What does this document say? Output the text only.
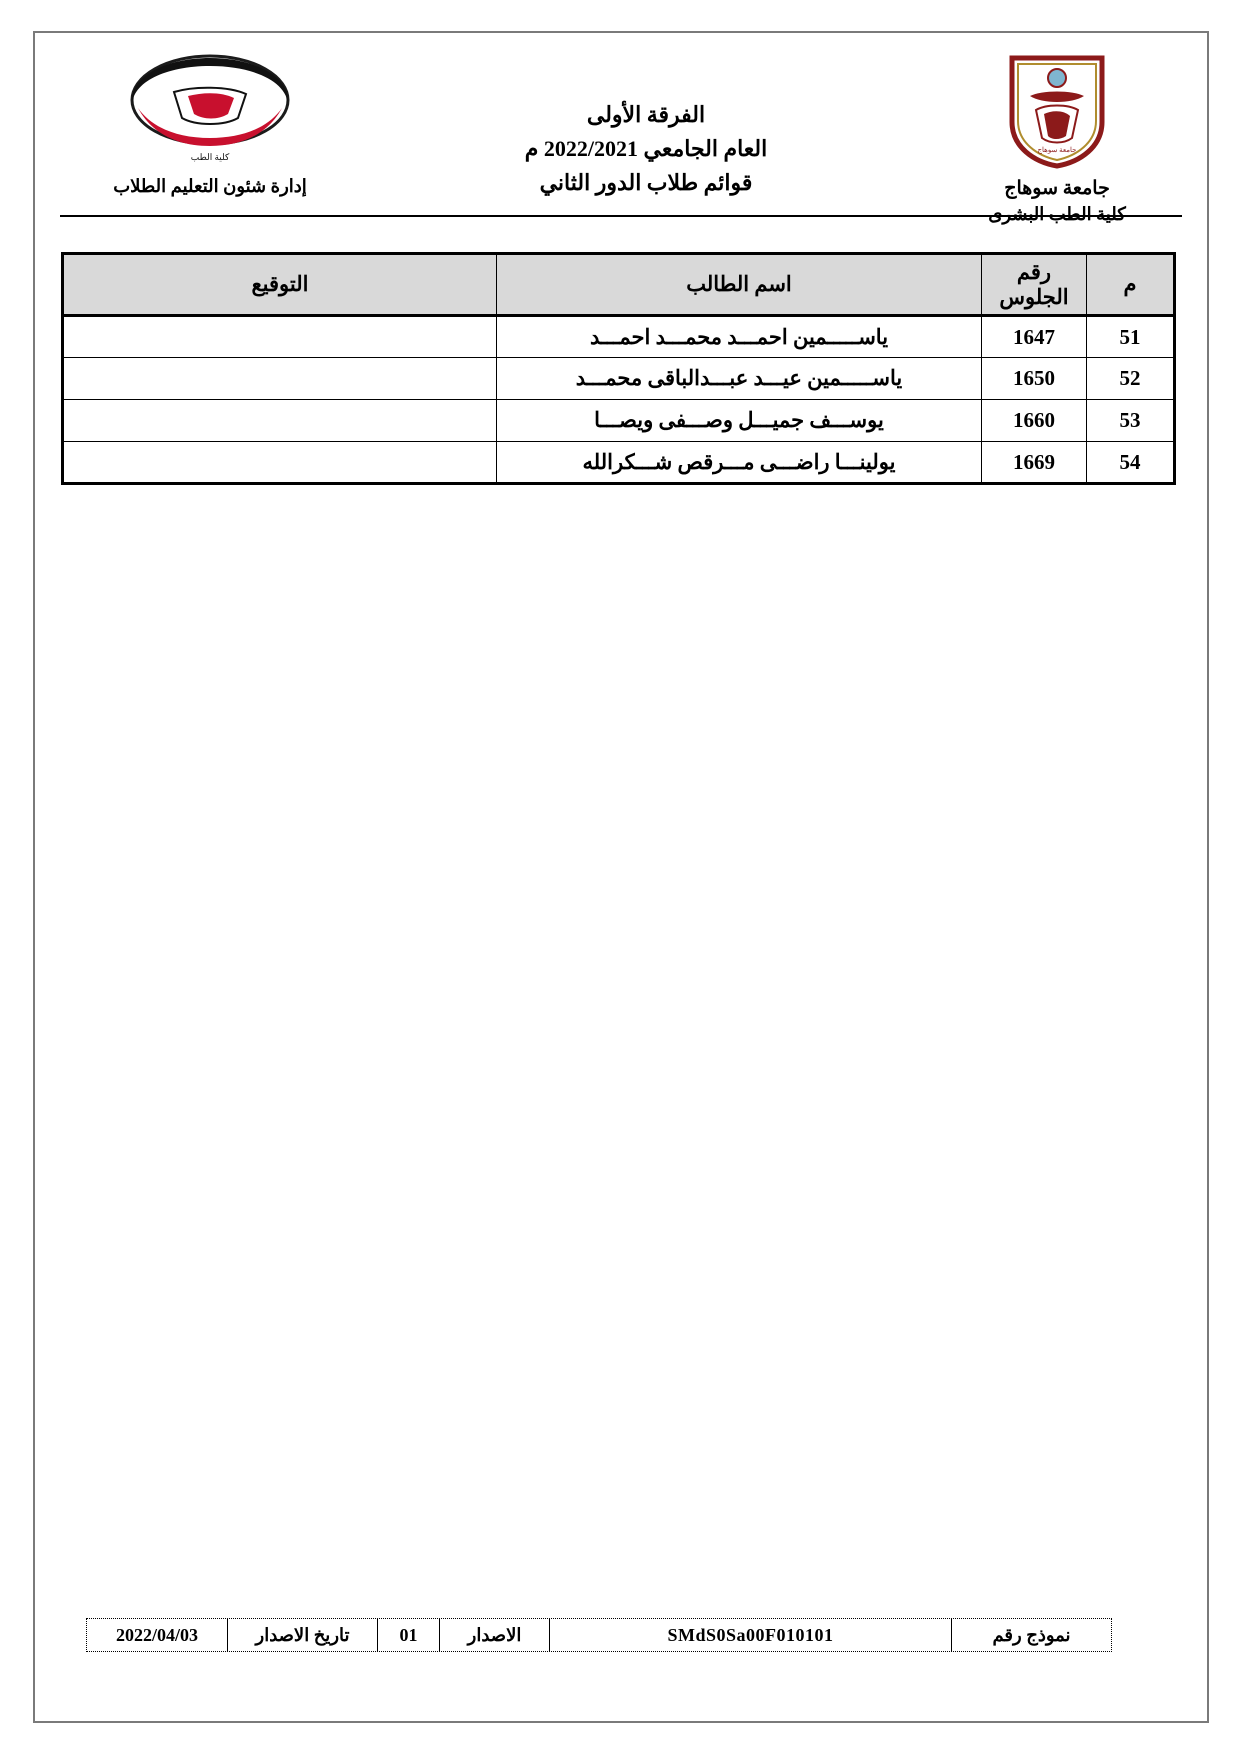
جامعة سوهاج
جامعة سوهاج
كلية الطب البشرى
الفرقة الأولى
العام الجامعي 2022/2021 م
قوائم طلاب الدور الثاني
كلية الطب
إدارة شئون التعليم الطلاب
م	رقم الجلوس	اسم الطالب	التوقيع
51	1647	ياســـــمين احمـــد محمـــد احمـــد	
52	1650	ياســـــمين عيـــد عبـــدالباقى محمـــد	
53	1660	يوســـف جميـــل وصـــفى ويصـــا	
54	1669	يولينـــا راضـــى مـــرقص شـــكرالله	
نموذج رقم
SMdS0Sa00F010101
الاصدار
01
تاريخ الاصدار
2022/04/03
